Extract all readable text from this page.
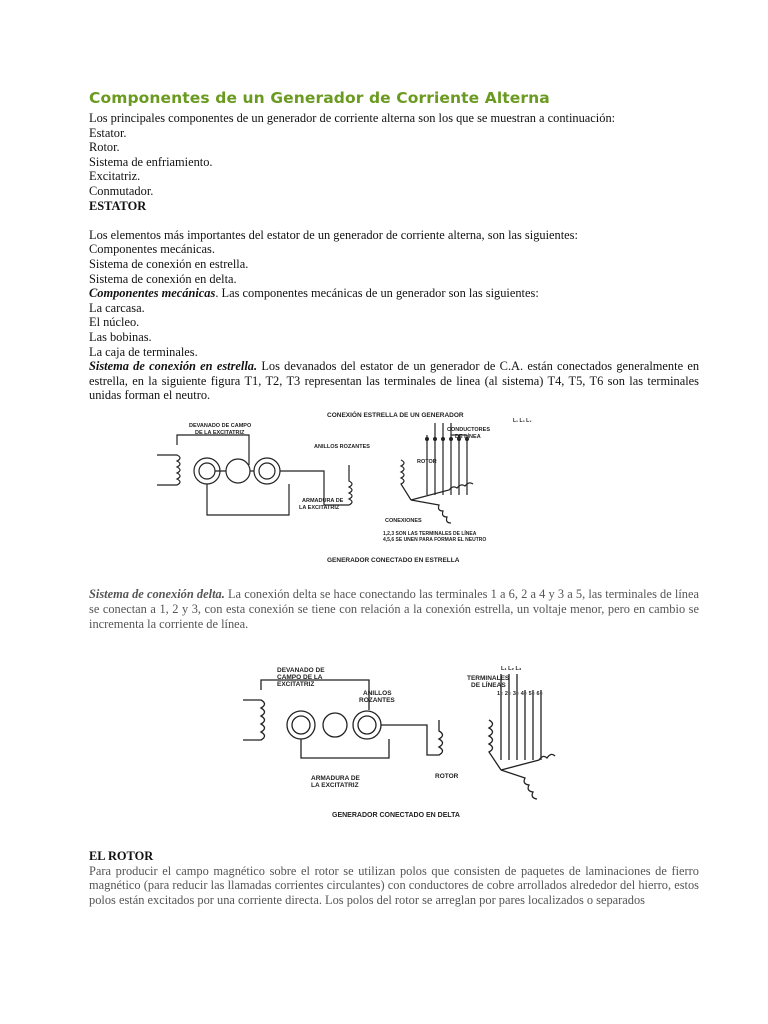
Componentes de un Generador de Corriente Alterna
Los principales componentes de un generador de corriente alterna son los que se muestran a continuación:
Estator.
Rotor.
Sistema de enfriamiento.
Excitatriz.
Conmutador.
ESTATOR
Los elementos más importantes del estator de un generador de corriente alterna, son las siguientes:
Componentes mecánicas.
Sistema de conexión en estrella.
Sistema de conexión en delta.
Componentes mecánicas. Las componentes mecánicas de un generador son las siguientes:
La carcasa.
El núcleo.
Las bobinas.
La caja de terminales.
Sistema de conexión en estrella. Los devanados del estator de un generador de C.A. están conectados generalmente en estrella, en la siguiente figura T1, T2, T3 representan las terminales de linea (al sistema) T4, T5, T6 son las terminales unidas forman el neutro.
CONEXIÓN ESTRELLA DE UN GENERADOR
DEVANADO DE CAMPO
DE LA EXCITATRIZ
ANILLOS ROZANTES
ROTOR
ARMADURA DE
LA EXCITATRIZ
CONDUCTORES
DE LÍNEA
L₁ L₂ L₃
CONEXIONES
1,2,3 SON LAS TERMINALES DE LÍNEA
4,5,6 SE UNEN PARA FORMAR EL NEUTRO
GENERADOR CONECTADO EN ESTRELLA
Sistema de conexión delta. La conexión delta se hace conectando las terminales 1 a 6, 2 a 4 y 3 a 5, las terminales de línea se conectan a 1, 2 y 3, con esta conexión se tiene con relación a la conexión estrella, un voltaje menor, pero en cambio se incrementa la corriente de línea.
DEVANADO DE
CAMPO DE LA
EXCITATRIZ
ANILLOS
ROZANTES
TERMINALES
DE LÍNEAS
L₁ L₂ L₃
1○ 2○ 3○ 4○ 5○ 6○
ROTOR
ARMADURA DE
LA EXCITATRIZ
GENERADOR CONECTADO EN DELTA
EL ROTOR
Para producir el campo magnético sobre el rotor se utilizan polos que consisten de paquetes de laminaciones de fierro magnético (para reducir las llamadas corrientes circulantes) con conductores de cobre arrollados alrededor del hierro, estos polos están excitados por una corriente directa. Los polos del rotor se arreglan por pares localizados o separados
